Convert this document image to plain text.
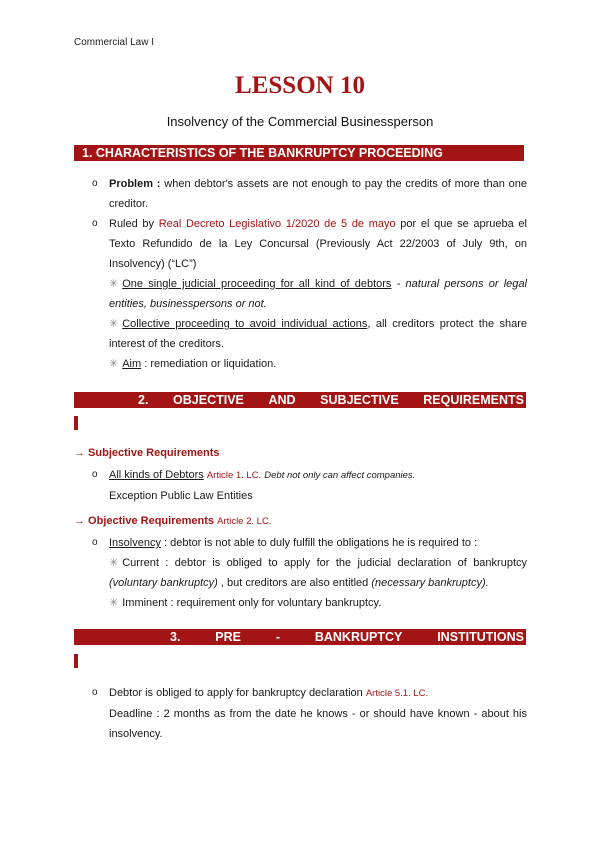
Commercial Law I
LESSON 10
Insolvency of the Commercial Businessperson
1. CHARACTERISTICS OF THE BANKRUPTCY PROCEEDING
o Problem : when debtor's assets are not enough to pay the credits of more than one creditor.
o Ruled by Real Decreto Legislativo 1/2020 de 5 de mayo por el que se aprueba el Texto Refundido de la Ley Concursal (Previously Act 22/2003 of July 9th, on Insolvency) (“LC”)
✳ One single judicial proceeding for all kind of debtors - natural persons or legal entities, businesspersons or not.
✳ Collective proceeding to avoid individual actions, all creditors protect the share interest of the creditors.
✳ Aim : remediation or liquidation.
2. OBJECTIVE AND SUBJECTIVE REQUIREMENTS
→ Subjective Requirements
o All kinds of Debtors Article 1. LC. Debt not only can affect companies.
Exception Public Law Entities
→ Objective Requirements Article 2. LC.
o Insolvency : debtor is not able to duly fulfill the obligations he is required to :
✳ Current : debtor is obliged to apply for the judicial declaration of bankruptcy (voluntary bankruptcy) , but creditors are also entitled (necessary bankruptcy).
✳ Imminent : requirement only for voluntary bankruptcy.
3.	PRE	-	BANKRUPTCY	INSTITUTIONS
o Debtor is obliged to apply for bankruptcy declaration Article 5.1. LC.
Deadline : 2 months as from the date he knows - or should have known - about his insolvency.
